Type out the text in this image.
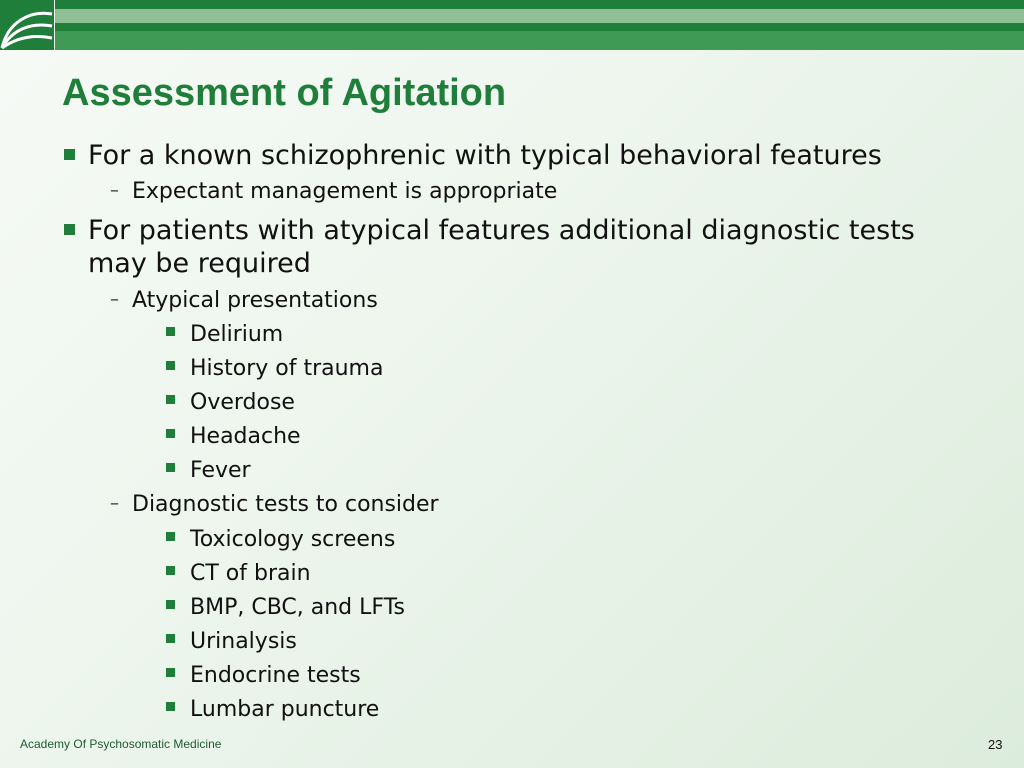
Assessment of Agitation
For a known schizophrenic with typical behavioral features
– Expectant management is appropriate
For patients with atypical features additional diagnostic tests
may be required
– Atypical presentations
Delirium
History of trauma
Overdose
Headache
Fever
– Diagnostic tests to consider
Toxicology screens
CT of brain
BMP, CBC, and LFTs
Urinalysis
Endocrine tests
Lumbar puncture
Academy Of Psychosomatic Medicine	23
